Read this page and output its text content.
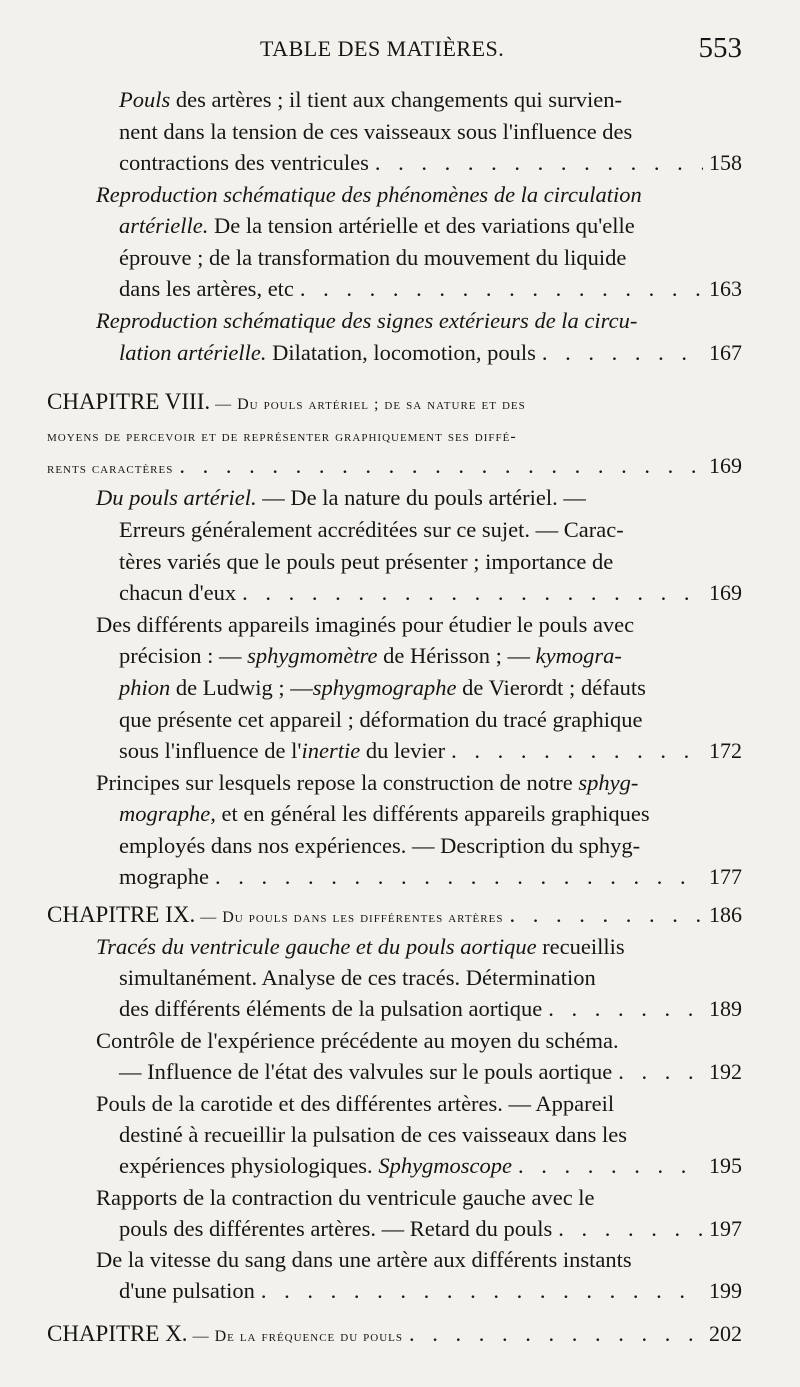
TABLE DES MATIÈRES.	553
Pouls des artères ; il tient aux changements qui survien-
nent dans la tension de ces vaisseaux sous l'influence des
contractions des ventricules . . .	158
Reproduction schématique des phénomènes de la circulation
artérielle. De la tension artérielle et des variations qu'elle
éprouve ; de la transformation du mouvement du liquide
dans les artères, etc . . .	163
Reproduction schématique des signes extérieurs de la circu-
lation artérielle. Dilatation, locomotion, pouls . . .	167
CHAPITRE VIII. — Du pouls artériel ; de sa nature et des
moyens de percevoir et de représenter graphiquement ses diffé-
rents caractères . . .	169
Du pouls artériel. — De la nature du pouls artériel. —
Erreurs généralement accréditées sur ce sujet. — Carac-
tères variés que le pouls peut présenter ; importance de
chacun d'eux . . .	169
Des différents appareils imaginés pour étudier le pouls avec
précision : — sphygmomètre de Hérisson ; — kymogra-
phion de Ludwig ; —sphygmographe de Vierordt ; défauts
que présente cet appareil ; déformation du tracé graphique
sous l'influence de l'inertie du levier . . .	172
Principes sur lesquels repose la construction de notre sphyg-
mographe, et en général les différents appareils graphiques
employés dans nos expériences. — Description du sphyg-
mographe . . .	177
CHAPITRE IX. — Du pouls dans les différentes artères . . .	186
Tracés du ventricule gauche et du pouls aortique recueillis
simultanément. Analyse de ces tracés. Détermination
des différents éléments de la pulsation aortique . . .	189
Contrôle de l'expérience précédente au moyen du schéma.
— Influence de l'état des valvules sur le pouls aortique . . .	192
Pouls de la carotide et des différentes artères. — Appareil
destiné à recueillir la pulsation de ces vaisseaux dans les
expériences physiologiques. Sphygmoscope . . .	195
Rapports de la contraction du ventricule gauche avec le
pouls des différentes artères. — Retard du pouls . . .	197
De la vitesse du sang dans une artère aux différents instants
d'une pulsation . . .	199
CHAPITRE X. — De la fréquence du pouls . . .	202
